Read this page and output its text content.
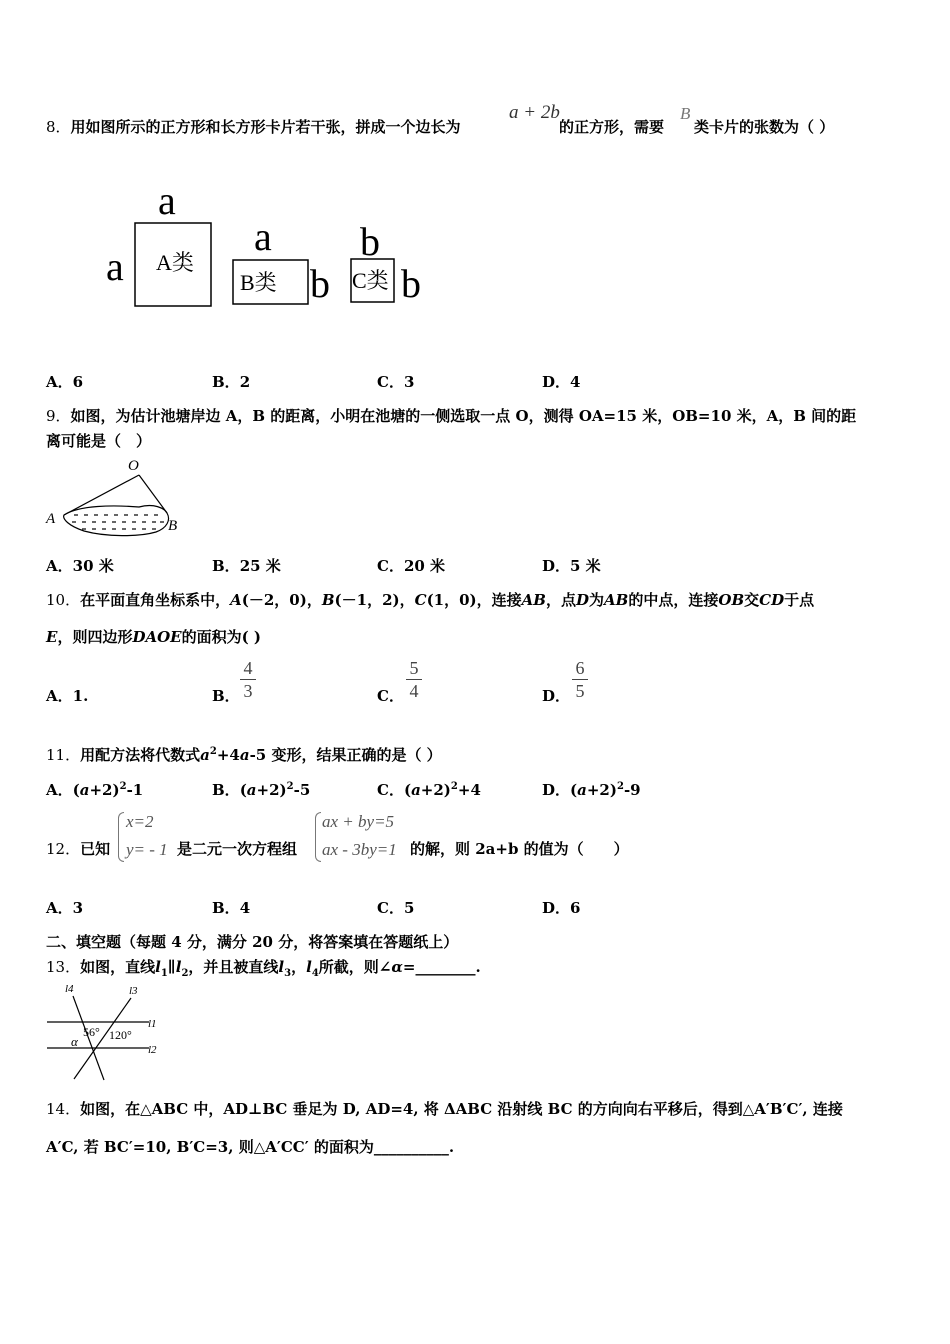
8．用如图所示的正方形和长方形卡片若干张，拼成一个边长为
a + 2b
的正方形，需要
B
类卡片的张数为（ ）
a
a A类
a
b
B类
b
b
C类
A．6	B．2	C．3	D．4
9．如图，为估计池塘岸边 A，B 的距离，小明在池塘的一侧选取一点 O，测得 OA=15 米，OB=10 米，A，B 间的距
离可能是（　）
O
A	B
A．30 米	B．25 米	C．20 米	D．5 米
10．在平面直角坐标系中，A(－2，0)，B(－1，2)，C(1，0)，连接AB，点D为AB的中点，连接OB交CD于点
E，则四边形DAOE的面积为( )
A．1.	B．
4
3	C．
5
4	D．
6
5
11．用配方法将代数式$a^2+4a-5$ 变形，结果正确的是（ ）
A．$(a+2)^2-1$	B．$(a+2)^2-5$	C．$(a+2)^2+4$	D．$(a+2)^2-9$
12．已知
x=2
y= - 1 是二元一次方程组
ax + by=5
ax - 3by=1 的解，则 2a+b 的值为（　　）
A．3	B．4	C．5	D．6
二、填空题（每题 4 分，满分 20 分，将答案填在答题纸上）
13．如图，直线$l_1\parallel l_2$，并且被直线$l_3$，$l_4$所截，则∠α=________.
l4	l3
l1
l2
56° 120°
α
14．如图，在△ABC 中，AD⊥BC 垂足为 D, AD=4, 将 ΔABC 沿射线 BC 的方向向右平移后，得到△A′B′C′, 连接
A′C, 若 BC′=10, B′C=3, 则△A′CC′ 的面积为__________.
